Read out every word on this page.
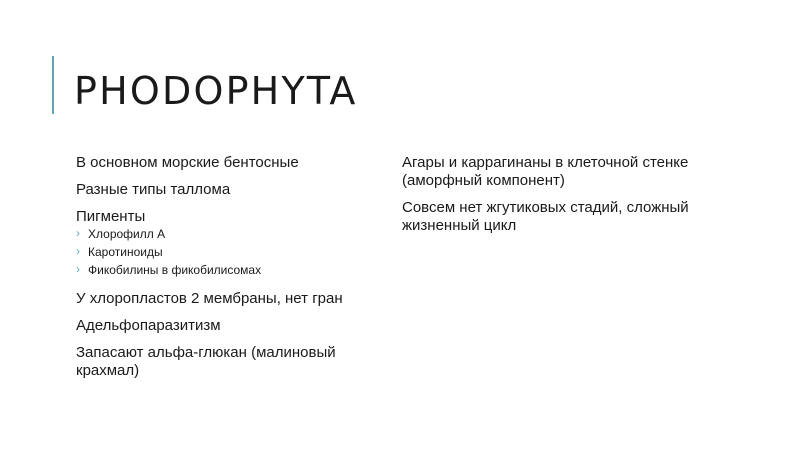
PHODOPHYTA

В основном морские бентосные

Разные типы таллома

Пигменты

› Хлорофилл А
› Каротиноиды
› Фикобилины в фикобилисомах

У хлоропластов 2 мембраны, нет гран

Адельфопаразитизм

Запасают альфа-глюкан (малиновый крахмал)

Агары и каррагинаны в клеточной стенке (аморфный компонент)

Совсем нет жгутиковых стадий, сложный жизненный цикл
